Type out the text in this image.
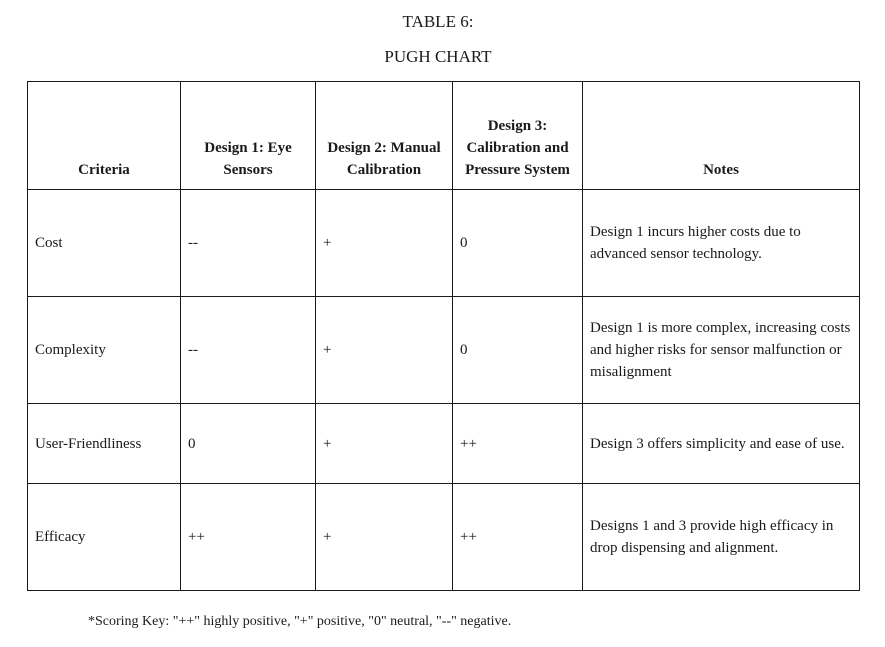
TABLE 6:
PUGH CHART
Criteria	Design 1: Eye Sensors	Design 2: Manual Calibration	Design 3: Calibration and Pressure System	Notes
Cost	--	+	0	Design 1 incurs higher costs due to advanced sensor technology.
Complexity	--	+	0	Design 1 is more complex, increasing costs and higher risks for sensor malfunction or misalignment
User-Friendliness	0	+	++	Design 3 offers simplicity and ease of use.
Efficacy	++	+	++	Designs 1 and 3 provide high efficacy in drop dispensing and alignment.
*Scoring Key: "++" highly positive, "+" positive, "0" neutral, "--" negative.
